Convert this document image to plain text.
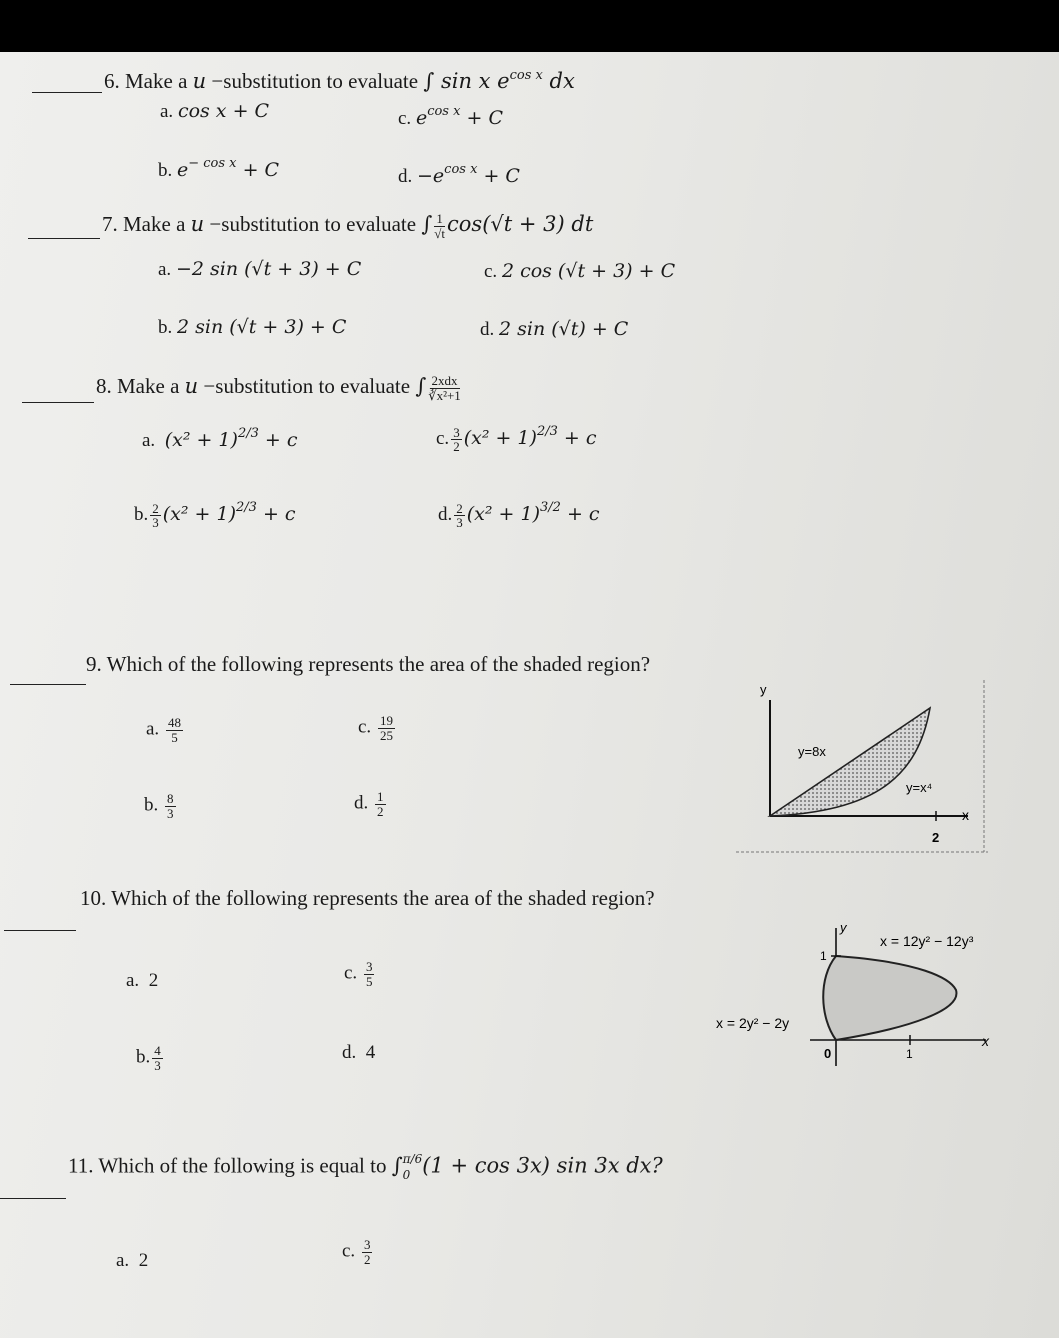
6. Make a u −substitution to evaluate ∫ sin x $e^{cos x}$ dx
a. cos x + C	c. $e^{cos x} + C$
b. $e^{- cos x} + C$	d. $-e^{cos x} + C$
7. Make a u −substitution to evaluate ∫ $\frac{1}{√t} \cos(√t + 3)$ dt
a. −2 sin (√t + 3) + C	c. 2 cos (√t + 3) + C
b. 2 sin (√t + 3) + C	d. 2 sin (√t) + C
8. Make a u −substitution to evaluate ∫ $\frac{\text{2xdx}}{\text{∛x²+1}}$
a. $(x^2 + 1)^{2/3} + c$	c. $\frac{3}{2} (x^2 + 1)^{2/3} + c$
b. $\frac{2}{3} (x^2 + 1)^{2/3} + c$	d. $\frac{2}{3} (x^2 + 1)^{3/2} + c$
9. Which of the following represents the area of the shaded region?
a. $\frac{48}{5}$	c. $\frac{19}{25}$
b. $\frac{8}{3}$	d. $\frac{1}{2}$
y
x
y=8x
y=x⁴
2
10. Which of the following represents the area of the shaded region?
a. 2	c. $\frac{3}{5}$
b. $\frac{4}{3}$	d. 4
y
x
x = 12y² − 12y³
x = 2y² − 2y
1
0	1
11. Which of the following is equal to ∫ π/6
0 (1 + cos 3x) sin 3x dx?
a. 2	c. $\frac{3}{2}$
